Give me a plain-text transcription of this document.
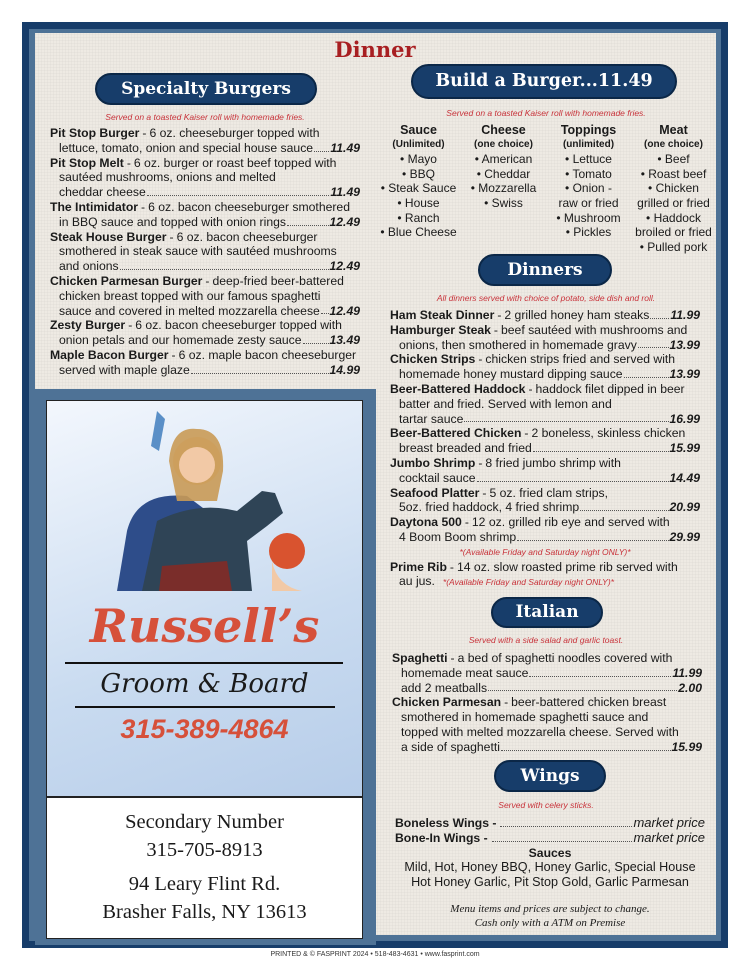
Dinner
Specialty Burgers
Served on a toasted Kaiser roll with homemade fries.
Pit Stop Burger - 6 oz. cheeseburger topped with
lettuce, tomato, onion and special house sauce 11.49
Pit Stop Melt - 6 oz. burger or roast beef topped with
sautéed mushrooms, onions and melted
cheddar cheese	11.49
The Intimidator - 6 oz. bacon cheeseburger smothered
in BBQ sauce and topped with onion rings	12.49
Steak House Burger - 6 oz. bacon cheeseburger
smothered in steak sauce with sautéed mushrooms
and onions	12.49
Chicken Parmesan Burger - deep-fried beer-battered
chicken breast topped with our famous spaghetti
sauce and covered in melted mozzarella cheese 12.49
Zesty Burger - 6 oz. bacon cheeseburger topped with
onion petals and our homemade zesty sauce 13.49
Maple Bacon Burger - 6 oz. maple bacon cheeseburger
served with maple glaze	14.99
Build a Burger...11.49
Served on a toasted Kaiser roll with homemade fries.
Sauce
(Unlimited)
• Mayo
• BBQ
• Steak Sauce
• House
• Ranch
• Blue Cheese
Cheese
(one choice)
• American
• Cheddar
• Mozzarella
• Swiss
Toppings
(unlimited)
• Lettuce
• Tomato
• Onion -
raw or fried
• Mushroom
• Pickles
Meat
(one choice)
• Beef
• Roast beef
• Chicken
grilled or fried
• Haddock
broiled or fried
• Pulled pork
Dinners
All dinners served with choice of potato, side dish and roll.
Ham Steak Dinner - 2 grilled honey ham steaks 11.99
Hamburger Steak - beef sautéed with mushrooms and
onions, then smothered in homemade gravy	13.99
Chicken Strips - chicken strips fried and served with
homemade honey mustard dipping sauce	13.99
Beer-Battered Haddock - haddock filet dipped in beer
batter and fried. Served with lemon and
tartar sauce	16.99
Beer-Battered Chicken - 2 boneless, skinless chicken
breast breaded and fried	15.99
Jumbo Shrimp - 8 fried jumbo shrimp with
cocktail sauce	14.49
Seafood Platter - 5 oz. fried clam strips,
5oz. fried haddock, 4 fried shrimp	20.99
Daytona 500 - 12 oz. grilled rib eye and served with
4 Boom Boom shrimp	29.99
*(Available Friday and Saturday night ONLY)*
Prime Rib - 14 oz. slow roasted prime rib served with
au jus. *(Available Friday and Saturday night ONLY)*
Italian
Served with a side salad and garlic toast.
Spaghetti - a bed of spaghetti noodles covered with
homemade meat sauce	11.99
add 2 meatballs	2.00
Chicken Parmesan - beer-battered chicken breast
smothered in homemade spaghetti sauce and
topped with melted mozzarella cheese. Served with
a side of spaghetti	15.99
Wings
Served with celery sticks.
Boneless Wings -	market price
Bone-In Wings -	market price
Sauces
Mild, Hot, Honey BBQ, Honey Garlic, Special House
Hot Honey Garlic, Pit Stop Gold, Garlic Parmesan
Menu items and prices are subject to change.
Cash only with a ATM on Premise
Russell’s
Groom & Board
315-389-4864
Secondary Number
315-705-8913
94 Leary Flint Rd.
Brasher Falls, NY 13613
PRINTED & © FASPRINT 2024 • 518-483-4631 • www.fasprint.com
